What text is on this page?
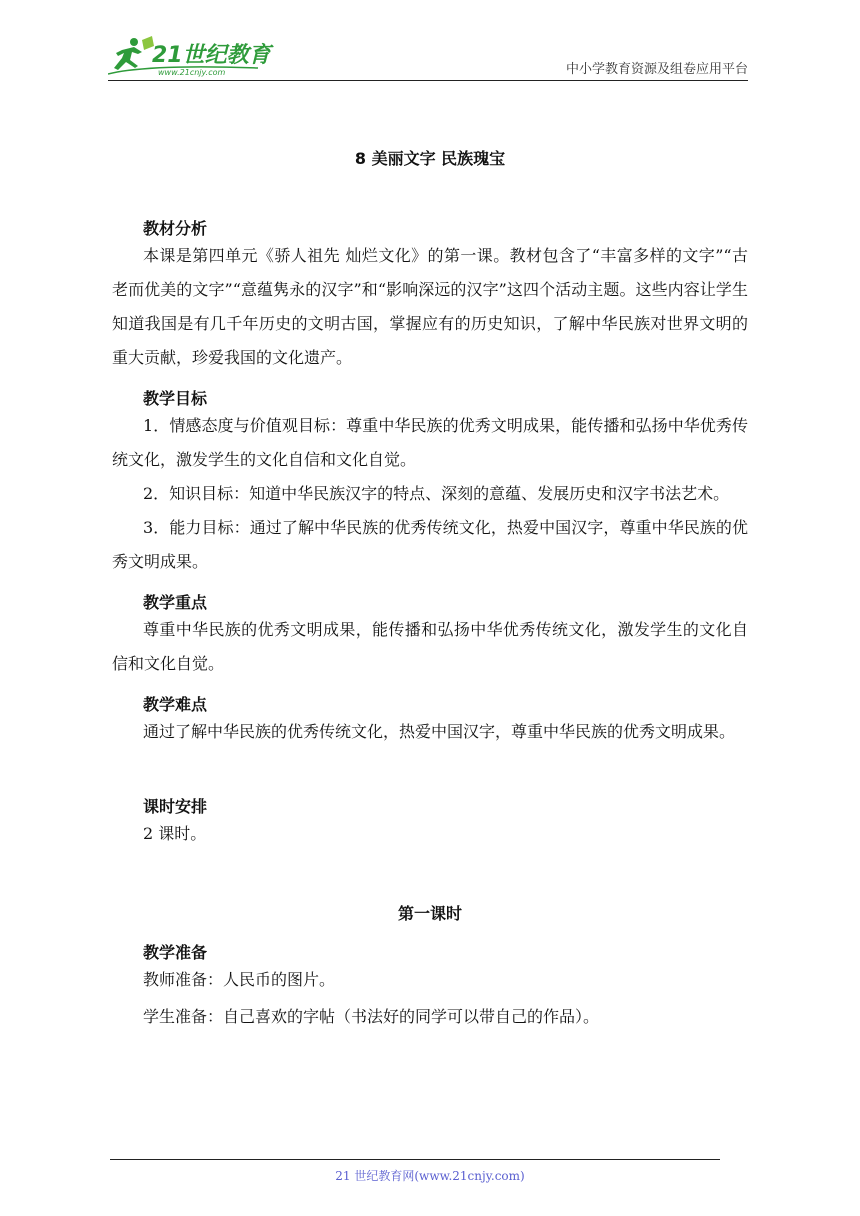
21世纪教育
www.21cnjy.com	中小学教育资源及组卷应用平台
8 美丽文字 民族瑰宝
教材分析
本课是第四单元《骄人祖先 灿烂文化》的第一课。教材包含了“丰富多样的文字”“古老而优美的文字”“意蕴隽永的汉字”和“影响深远的汉字”这四个活动主题。这些内容让学生知道我国是有几千年历史的文明古国，掌握应有的历史知识，了解中华民族对世界文明的重大贡献，珍爱我国的文化遗产。
教学目标
1．情感态度与价值观目标：尊重中华民族的优秀文明成果，能传播和弘扬中华优秀传统文化，激发学生的文化自信和文化自觉。
2．知识目标：知道中华民族汉字的特点、深刻的意蕴、发展历史和汉字书法艺术。
3．能力目标：通过了解中华民族的优秀传统文化，热爱中国汉字，尊重中华民族的优秀文明成果。
教学重点
尊重中华民族的优秀文明成果，能传播和弘扬中华优秀传统文化，激发学生的文化自信和文化自觉。
教学难点
通过了解中华民族的优秀传统文化，热爱中国汉字，尊重中华民族的优秀文明成果。
课时安排
2 课时。
第一课时
教学准备
教师准备：人民币的图片。
学生准备：自己喜欢的字帖（书法好的同学可以带自己的作品）。
21 世纪教育网(www.21cnjy.com)
